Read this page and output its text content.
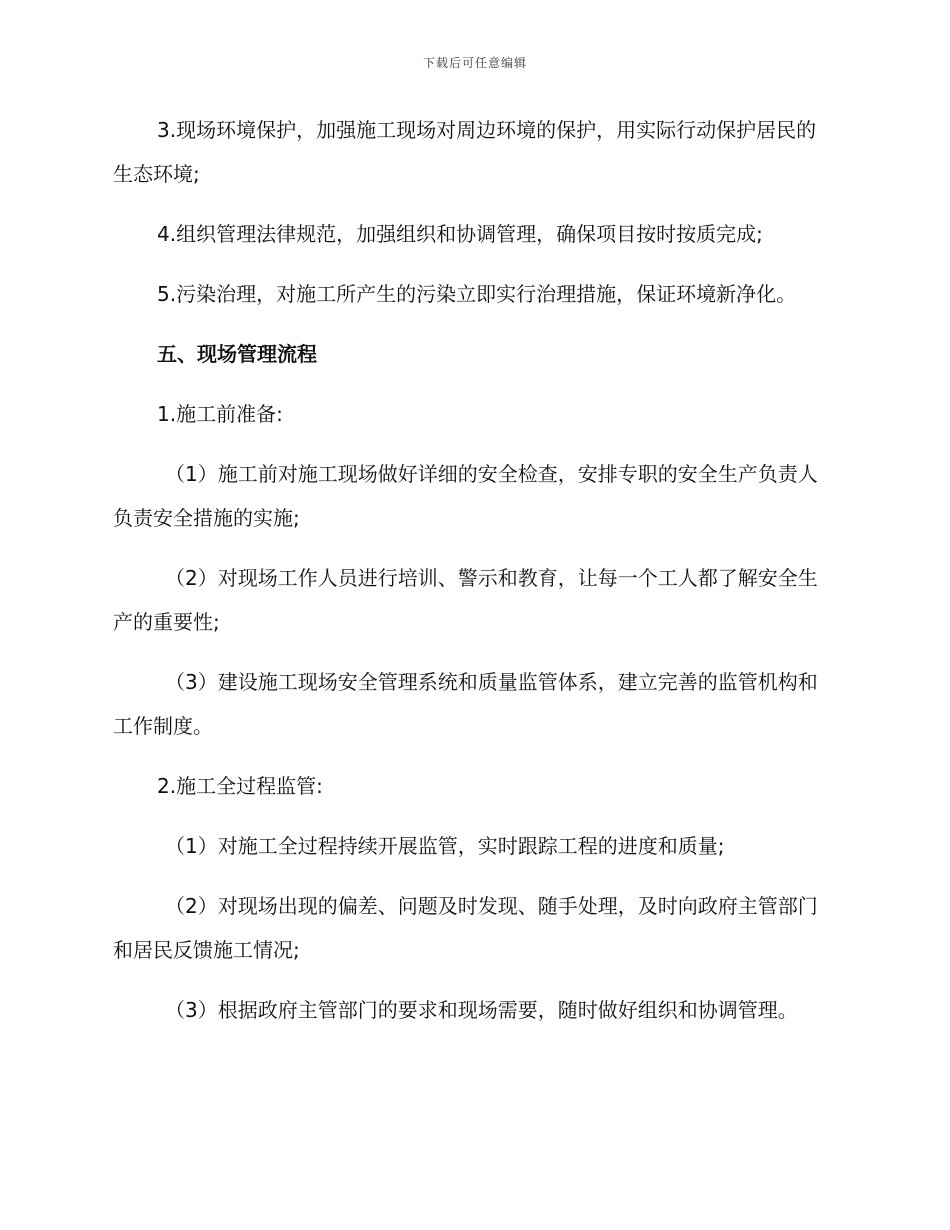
下载后可任意编辑

3.现场环境保护，加强施工现场对周边环境的保护，用实际行动保护居民的生态环境;

4.组织管理法律规范，加强组织和协调管理，确保项目按时按质完成;

5.污染治理，对施工所产生的污染立即实行治理措施，保证环境新净化。

五、现场管理流程

1.施工前准备:

（1）施工前对施工现场做好详细的安全检查，安排专职的安全生产负责人负责安全措施的实施;

（2）对现场工作人员进行培训、警示和教育，让每一个工人都了解安全生产的重要性;

（3）建设施工现场安全管理系统和质量监管体系，建立完善的监管机构和工作制度。

2.施工全过程监管:

（1）对施工全过程持续开展监管，实时跟踪工程的进度和质量;

（2）对现场出现的偏差、问题及时发现、随手处理，及时向政府主管部门和居民反馈施工情况;

（3）根据政府主管部门的要求和现场需要，随时做好组织和协调管理。
